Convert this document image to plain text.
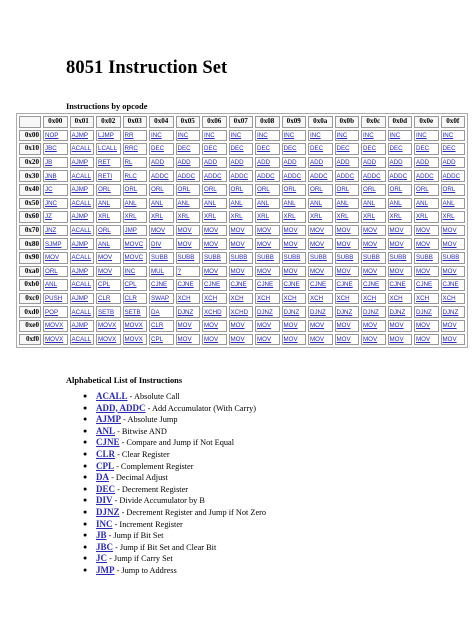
8051 Instruction Set
Instructions by opcode
	0x00	0x01	0x02	0x03	0x04	0x05	0x06	0x07	0x08	0x09	0x0a	0x0b	0x0c	0x0d	0x0e	0x0f
0x00	NOP	AJMP	LJMP	RR	INC	INC	INC	INC	INC	INC	INC	INC	INC	INC	INC	INC
0x10	JBC	ACALL	LCALL	RRC	DEC	DEC	DEC	DEC	DEC	DEC	DEC	DEC	DEC	DEC	DEC	DEC
0x20	JB	AJMP	RET	RL	ADD	ADD	ADD	ADD	ADD	ADD	ADD	ADD	ADD	ADD	ADD	ADD
0x30	JNB	ACALL	RETI	RLC	ADDC	ADDC	ADDC	ADDC	ADDC	ADDC	ADDC	ADDC	ADDC	ADDC	ADDC	ADDC
0x40	JC	AJMP	ORL	ORL	ORL	ORL	ORL	ORL	ORL	ORL	ORL	ORL	ORL	ORL	ORL	ORL
0x50	JNC	ACALL	ANL	ANL	ANL	ANL	ANL	ANL	ANL	ANL	ANL	ANL	ANL	ANL	ANL	ANL
0x60	JZ	AJMP	XRL	XRL	XRL	XRL	XRL	XRL	XRL	XRL	XRL	XRL	XRL	XRL	XRL	XRL
0x70	JNZ	ACALL	ORL	JMP	MOV	MOV	MOV	MOV	MOV	MOV	MOV	MOV	MOV	MOV	MOV	MOV
0x80	SJMP	AJMP	ANL	MOVC	DIV	MOV	MOV	MOV	MOV	MOV	MOV	MOV	MOV	MOV	MOV	MOV
0x90	MOV	ACALL	MOV	MOVC	SUBB	SUBB	SUBB	SUBB	SUBB	SUBB	SUBB	SUBB	SUBB	SUBB	SUBB	SUBB
0xa0	ORL	AJMP	MOV	INC	MUL	?	MOV	MOV	MOV	MOV	MOV	MOV	MOV	MOV	MOV	MOV
0xb0	ANL	ACALL	CPL	CPL	CJNE	CJNE	CJNE	CJNE	CJNE	CJNE	CJNE	CJNE	CJNE	CJNE	CJNE	CJNE
0xc0	PUSH	AJMP	CLR	CLR	SWAP	XCH	XCH	XCH	XCH	XCH	XCH	XCH	XCH	XCH	XCH	XCH
0xd0	POP	ACALL	SETB	SETB	DA	DJNZ	XCHD	XCHD	DJNZ	DJNZ	DJNZ	DJNZ	DJNZ	DJNZ	DJNZ	DJNZ
0xe0	MOVX	AJMP	MOVX	MOVX	CLR	MOV	MOV	MOV	MOV	MOV	MOV	MOV	MOV	MOV	MOV	MOV
0xf0	MOVX	ACALL	MOVX	MOVX	CPL	MOV	MOV	MOV	MOV	MOV	MOV	MOV	MOV	MOV	MOV	MOV
Alphabetical List of Instructions
● ACALL - Absolute Call
● ADD, ADDC - Add Accumulator (With Carry)
● AJMP - Absolute Jump
● ANL - Bitwise AND
● CJNE - Compare and Jump if Not Equal
● CLR - Clear Register
● CPL - Complement Register
● DA - Decimal Adjust
● DEC - Decrement Register
● DIV - Divide Accumulator by B
● DJNZ - Decrement Register and Jump if Not Zero
● INC - Increment Register
● JB - Jump if Bit Set
● JBC - Jump if Bit Set and Clear Bit
● JC - Jump if Carry Set
● JMP - Jump to Address
